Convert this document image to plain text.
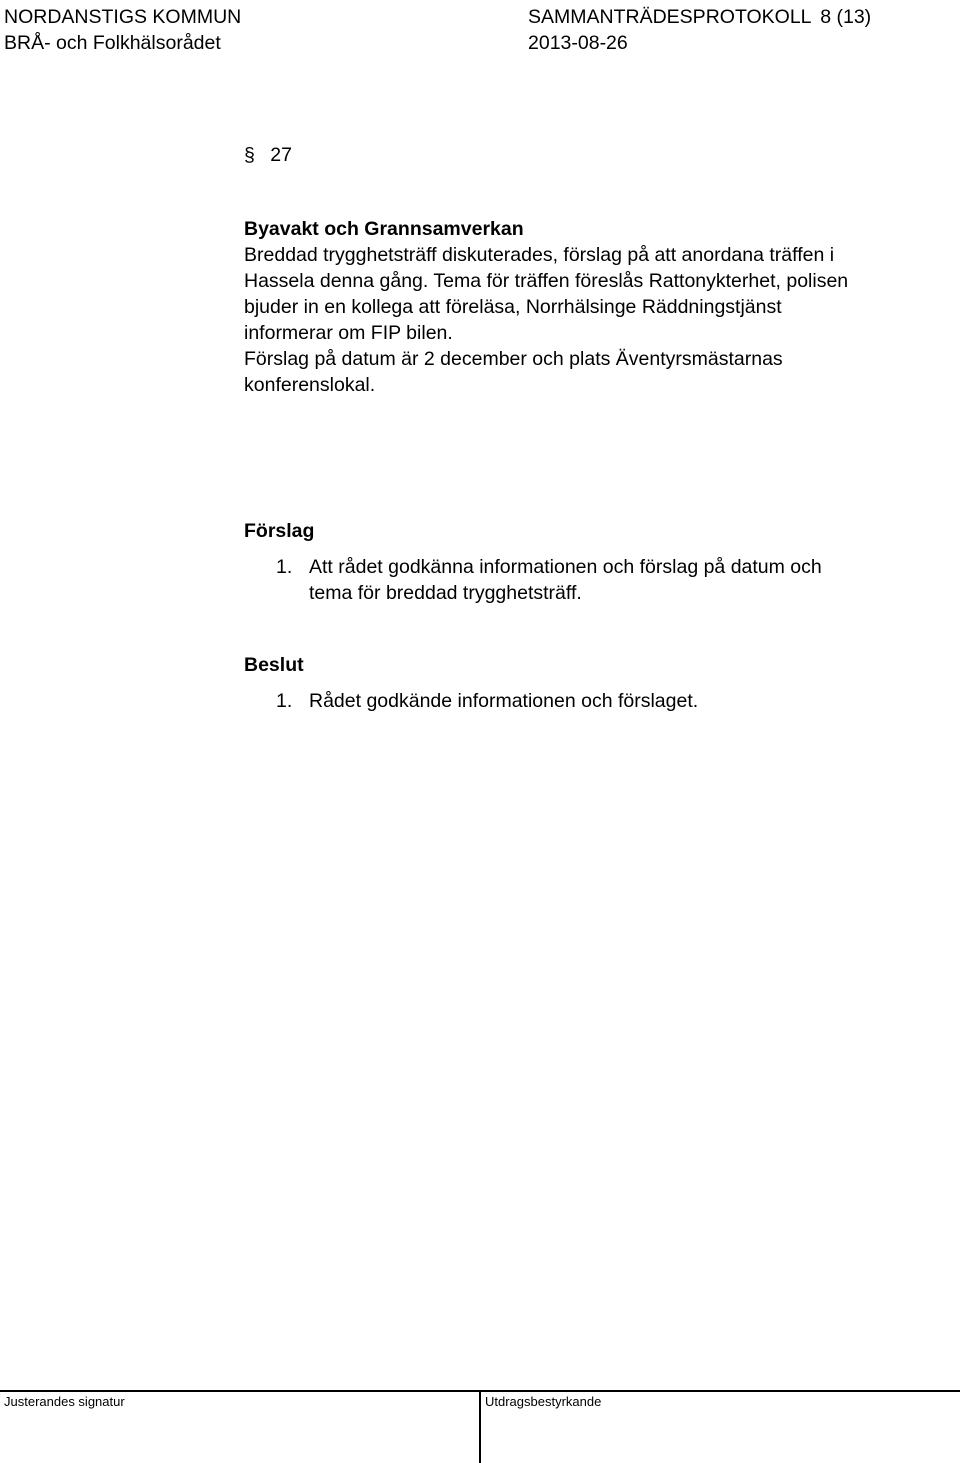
NORDANSTIGS KOMMUN
BRÅ- och Folkhälsorådet
SAMMANTRÄDESPROTOKOLL 8 (13)
2013-08-26
§ 27
Byavakt och Grannsamverkan
Breddad trygghetsträff diskuterades, förslag på att anordana träffen i
Hassela denna gång. Tema för träffen föreslås Rattonykterhet, polisen
bjuder in en kollega att föreläsa, Norrhälsinge Räddningstjänst
informerar om FIP bilen.
Förslag på datum är 2 december och plats Äventyrsmästarnas
konferenslokal.
Förslag
1. Att rådet godkänna informationen och förslag på datum och
tema för breddad trygghetsträff.
Beslut
1. Rådet godkände informationen och förslaget.
Justerandes signatur	Utdragsbestyrkande
